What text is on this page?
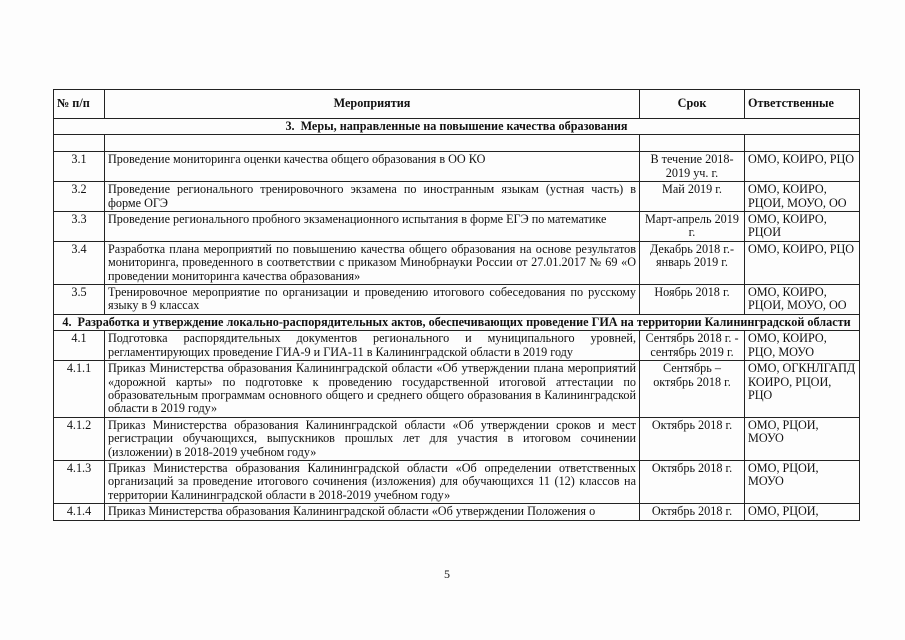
№ п/п	Мероприятия	Срок	Ответственные
3. Меры, направленные на повышение качества образования			

3.1	Проведение мониторинга оценки качества общего образования в ОО КО	В течение 2018-2019 уч. г.	ОМО, КОИРО, РЦО
3.2	Проведение регионального тренировочного экзамена по иностранным языкам (устная часть) в форме ОГЭ	Май 2019 г.	ОМО, КОИРО, РЦОИ, МОУО, ОО
3.3	Проведение регионального пробного экзаменационного испытания в форме ЕГЭ по математике	Март-апрель 2019 г.	ОМО, КОИРО, РЦОИ
3.4	Разработка плана мероприятий по повышению качества общего образования на основе результатов мониторинга, проведенного в соответствии с приказом Минобрнауки России от 27.01.2017 № 69 «О проведении мониторинга качества образования»	Декабрь 2018 г.- январь 2019 г.	ОМО, КОИРО, РЦО
3.5	Тренировочное мероприятие по организации и проведению итогового собеседования по русскому языку в 9 классах	Ноябрь 2018 г.	ОМО, КОИРО, РЦОИ, МОУО, ОО
4. Разработка и утверждение локально-распорядительных актов, обеспечивающих проведение ГИА на территории Калининградской области			
4.1	Подготовка распорядительных документов регионального и муниципального уровней, регламентирующих проведение ГИА-9 и ГИА-11 в Калининградской области в 2019 году	Сентябрь 2018 г. - сентябрь 2019 г.	ОМО, КОИРО, РЦО, МОУО
4.1.1	Приказ Министерства образования Калининградской области «Об утверждении плана мероприятий «дорожной карты» по подготовке к проведению государственной итоговой аттестации по образовательным программам основного общего и среднего общего образования в Калининградской области в 2019 году»	Сентябрь – октябрь 2018 г.	ОМО, ОГКНЛГАПД КОИРО, РЦОИ, РЦО
4.1.2	Приказ Министерства образования Калининградской области «Об утверждении сроков и мест регистрации обучающихся, выпускников прошлых лет для участия в итоговом сочинении (изложении) в 2018-2019 учебном году»	Октябрь 2018 г.	ОМО, РЦОИ, МОУО
4.1.3	Приказ Министерства образования Калининградской области «Об определении ответственных организаций за проведение итогового сочинения (изложения) для обучающихся 11 (12) классов на территории Калининградской области в 2018-2019 учебном году»	Октябрь 2018 г.	ОМО, РЦОИ, МОУО
4.1.4	Приказ Министерства образования Калининградской области «Об утверждении Положения о	Октябрь 2018 г.	ОМО, РЦОИ,
5
